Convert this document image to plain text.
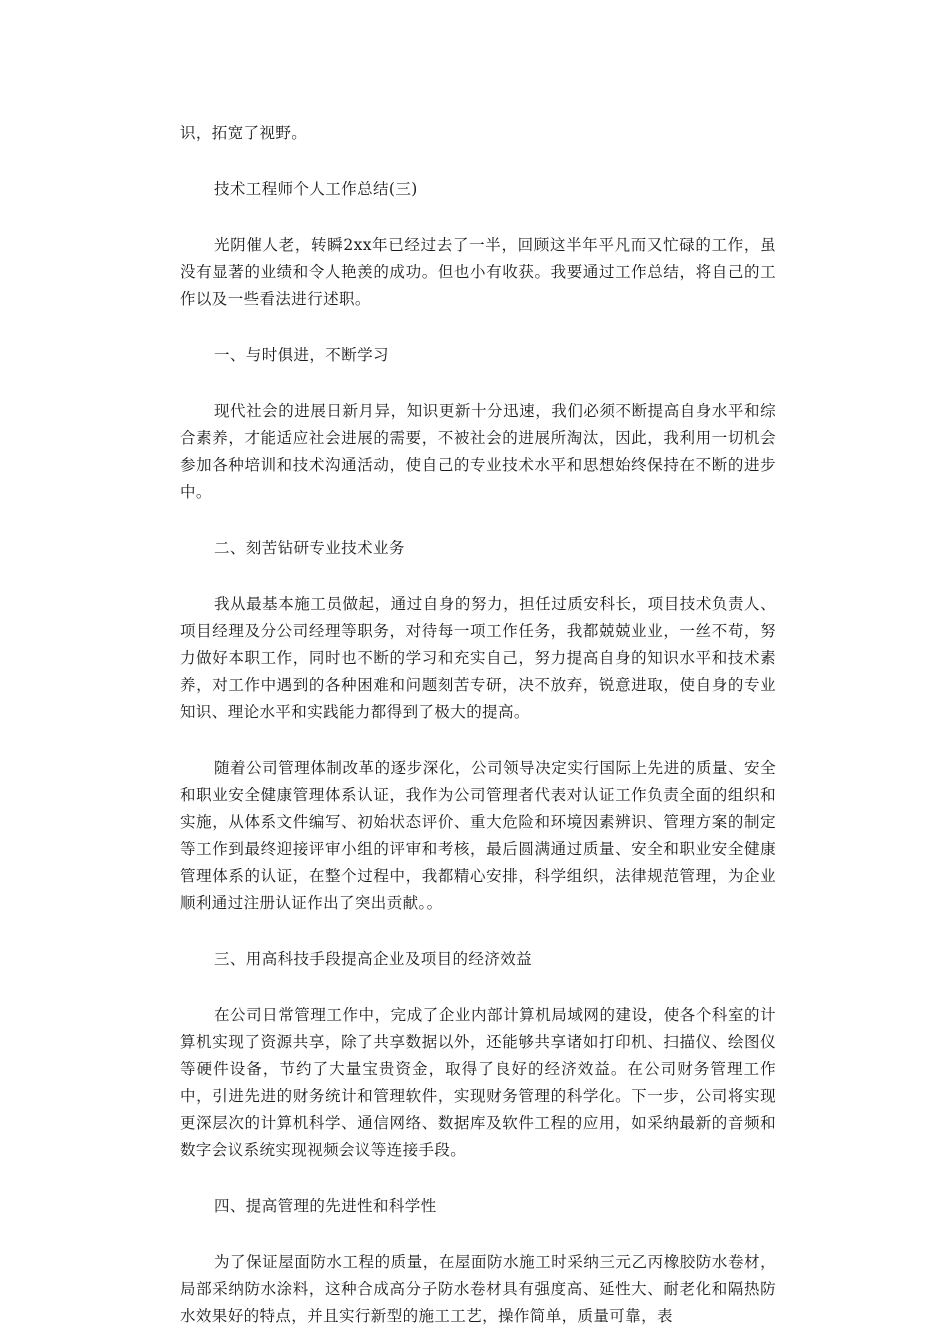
识，拓宽了视野。

技术工程师个人工作总结(三)

光阴催人老，转瞬2xx年已经过去了一半，回顾这半年平凡而又忙碌的工作，虽没有显著的业绩和令人艳羡的成功。但也小有收获。我要通过工作总结，将自己的工作以及一些看法进行述职。

一、与时俱进，不断学习

现代社会的进展日新月异，知识更新十分迅速，我们必须不断提高自身水平和综合素养，才能适应社会进展的需要，不被社会的进展所淘汰，因此，我利用一切机会参加各种培训和技术沟通活动，使自己的专业技术水平和思想始终保持在不断的进步中。

二、刻苦钻研专业技术业务

我从最基本施工员做起，通过自身的努力，担任过质安科长，项目技术负责人、项目经理及分公司经理等职务，对待每一项工作任务，我都兢兢业业，一丝不苟，努力做好本职工作，同时也不断的学习和充实自己，努力提高自身的知识水平和技术素养，对工作中遇到的各种困难和问题刻苦专研，决不放弃，锐意进取，使自身的专业知识、理论水平和实践能力都得到了极大的提高。

随着公司管理体制改革的逐步深化，公司领导决定实行国际上先进的质量、安全和职业安全健康管理体系认证，我作为公司管理者代表对认证工作负责全面的组织和实施，从体系文件编写、初始状态评价、重大危险和环境因素辨识、管理方案的制定等工作到最终迎接评审小组的评审和考核，最后圆满通过质量、安全和职业安全健康管理体系的认证，在整个过程中，我都精心安排，科学组织，法律规范管理，为企业顺利通过注册认证作出了突出贡献。。

三、用高科技手段提高企业及项目的经济效益

在公司日常管理工作中，完成了企业内部计算机局域网的建设，使各个科室的计算机实现了资源共享，除了共享数据以外，还能够共享诸如打印机、扫描仪、绘图仪等硬件设备，节约了大量宝贵资金，取得了良好的经济效益。在公司财务管理工作中，引进先进的财务统计和管理软件，实现财务管理的科学化。下一步，公司将实现更深层次的计算机科学、通信网络、数据库及软件工程的应用，如采纳最新的音频和数字会议系统实现视频会议等连接手段。

四、提高管理的先进性和科学性

为了保证屋面防水工程的质量，在屋面防水施工时采纳三元乙丙橡胶防水卷材，局部采纳防水涂料，这种合成高分子防水卷材具有强度高、延性大、耐老化和隔热防水效果好的特点，并且实行新型的施工工艺，操作简单，质量可靠，表
